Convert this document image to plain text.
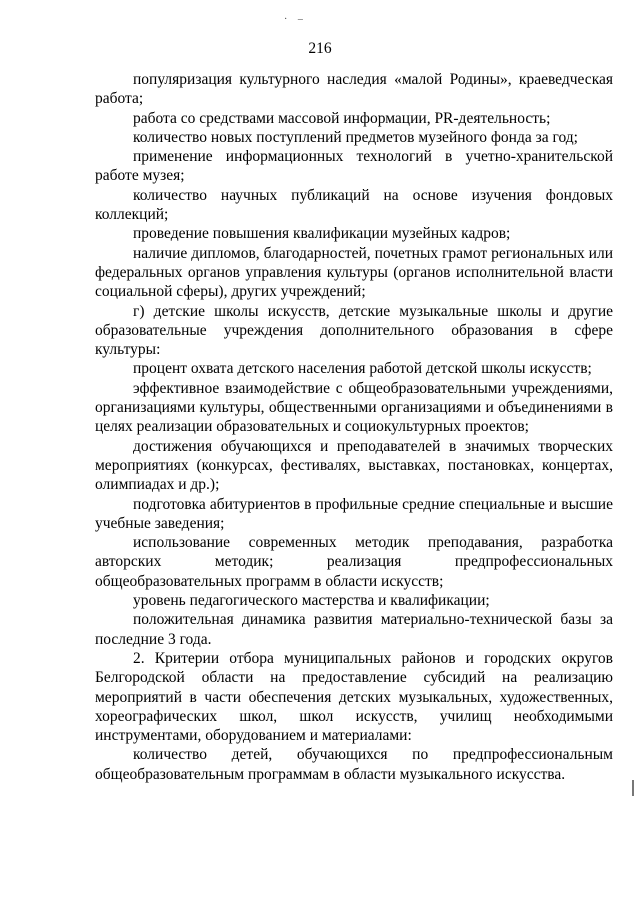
· –
216

популяризация культурного наследия «малой Родины», краеведческая работа;

работа со средствами массовой информации, PR-деятельность;

количество новых поступлений предметов музейного фонда за год;

применение информационных технологий в учетно-хранительской работе музея;

количество научных публикаций на основе изучения фондовых коллекций;

проведение повышения квалификации музейных кадров;

наличие дипломов, благодарностей, почетных грамот региональных или федеральных органов управления культуры (органов исполнительной власти социальной сферы), других учреждений;

г) детские школы искусств, детские музыкальные школы и другие образовательные учреждения дополнительного образования в сфере культуры:

процент охвата детского населения работой детской школы искусств;

эффективное взаимодействие с общеобразовательными учреждениями, организациями культуры, общественными организациями и объединениями в целях реализации образовательных и социокультурных проектов;

достижения обучающихся и преподавателей в значимых творческих мероприятиях (конкурсах, фестивалях, выставках, постановках, концертах, олимпиадах и др.);

подготовка абитуриентов в профильные средние специальные и высшие учебные заведения;

использование современных методик преподавания, разработка авторских методик; реализация предпрофессиональных общеобразовательных программ в области искусств;

уровень педагогического мастерства и квалификации;

положительная динамика развития материально-технической базы за последние 3 года.

2. Критерии отбора муниципальных районов и городских округов Белгородской области на предоставление субсидий на реализацию мероприятий в части обеспечения детских музыкальных, художественных, хореографических школ, школ искусств, училищ необходимыми инструментами, оборудованием и материалами:

количество детей, обучающихся по предпрофессиональным общеобразовательным программам в области музыкального искусства.
